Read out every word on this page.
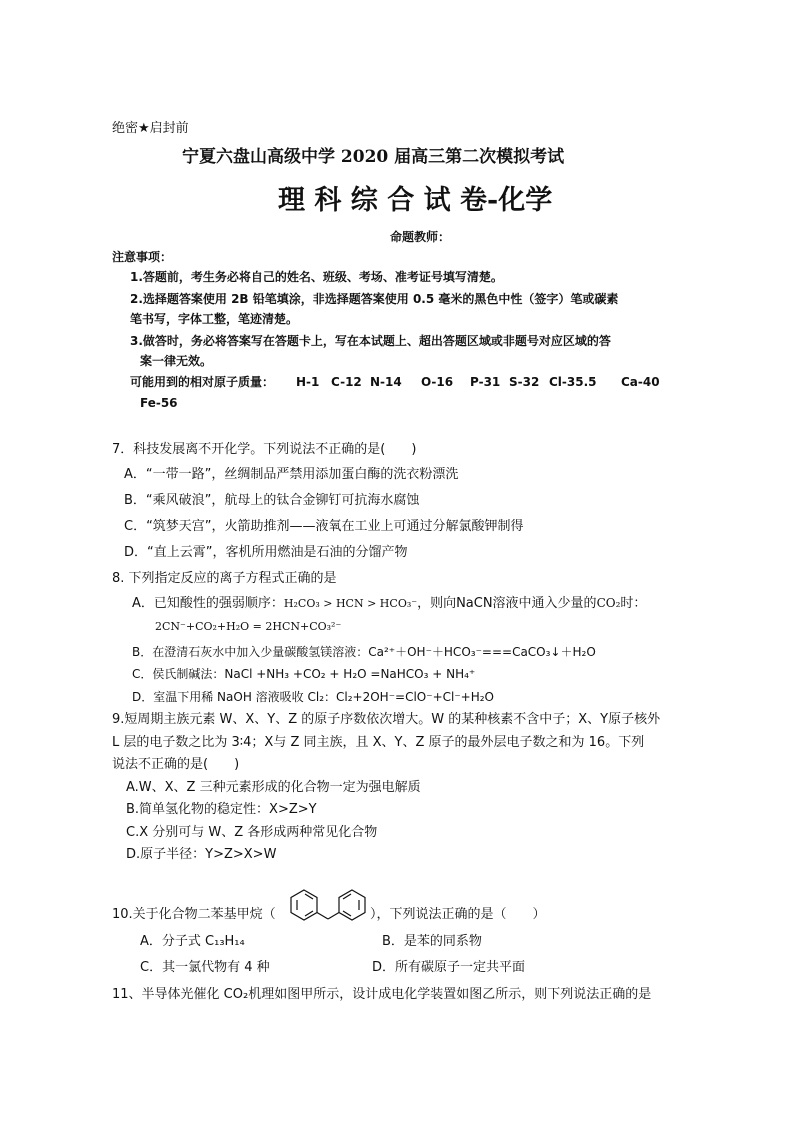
绝密★启封前
宁夏六盘山高级中学 2020 届高三第二次模拟考试
理 科 综 合 试 卷-化学
命题教师：
注意事项：
1.答题前，考生务必将自己的姓名、班级、考场、准考证号填写清楚。
2.选择题答案使用 2B 铅笔填涂，非选择题答案使用 0.5 毫米的黑色中性（签字）笔或碳素
笔书写，字体工整，笔迹清楚。
3.做答时，务必将答案写在答题卡上，写在本试题上、超出答题区域或非题号对应区域的答
案一律无效。
可能用到的相对原子质量： H-1 C-12 N-14 O-16 P-31 S-32 Cl-35.5 Ca-40
Fe-56
7．科技发展离不开化学。下列说法不正确的是(　　)
A．“一带一路”，丝绸制品严禁用添加蛋白酶的洗衣粉漂洗
B．“乘风破浪”，航母上的钛合金铆钉可抗海水腐蚀
C．“筑梦天宫”，火箭助推剂——液氧在工业上可通过分解氯酸钾制得
D．“直上云霄”，客机所用燃油是石油的分馏产物
8. 下列指定反应的离子方程式正确的是
A．已知酸性的强弱顺序：H₂CO₃ > HCN > HCO₃⁻，则向NaCN溶液中通入少量的CO₂时：
2CN⁻+CO₂+H₂O = 2HCN+CO₃²⁻
B．在澄清石灰水中加入少量碳酸氢镁溶液：Ca²⁺＋OH⁻＋HCO₃⁻===CaCO₃↓＋H₂O
C．侯氏制碱法：NaCl +NH₃ +CO₂ + H₂O =NaHCO₃ + NH₄⁺
D．室温下用稀 NaOH 溶液吸收 Cl₂：Cl₂+2OH⁻=ClO⁻+Cl⁻+H₂O
9.短周期主族元素 W、X、Y、Z 的原子序数依次增大。W 的某种核素不含中子；X、Y原子核外
L 层的电子数之比为 3∶4；X与 Z 同主族，且 X、Y、Z 原子的最外层电子数之和为 16。下列
说法不正确的是(　　)
A.W、X、Z 三种元素形成的化合物一定为强电解质
B.简单氢化物的稳定性：X>Z>Y
C.X 分别可与 W、Z 各形成两种常见化合物
D.原子半径：Y>Z>X>W
10.关于化合物二苯基甲烷（	），下列说法正确的是（　　）
A．分子式 C₁₃H₁₄	B．是苯的同系物
C．其一氯代物有 4 种	D．所有碳原子一定共平面
11、半导体光催化 CO₂机理如图甲所示，设计成电化学装置如图乙所示，则下列说法正确的是
